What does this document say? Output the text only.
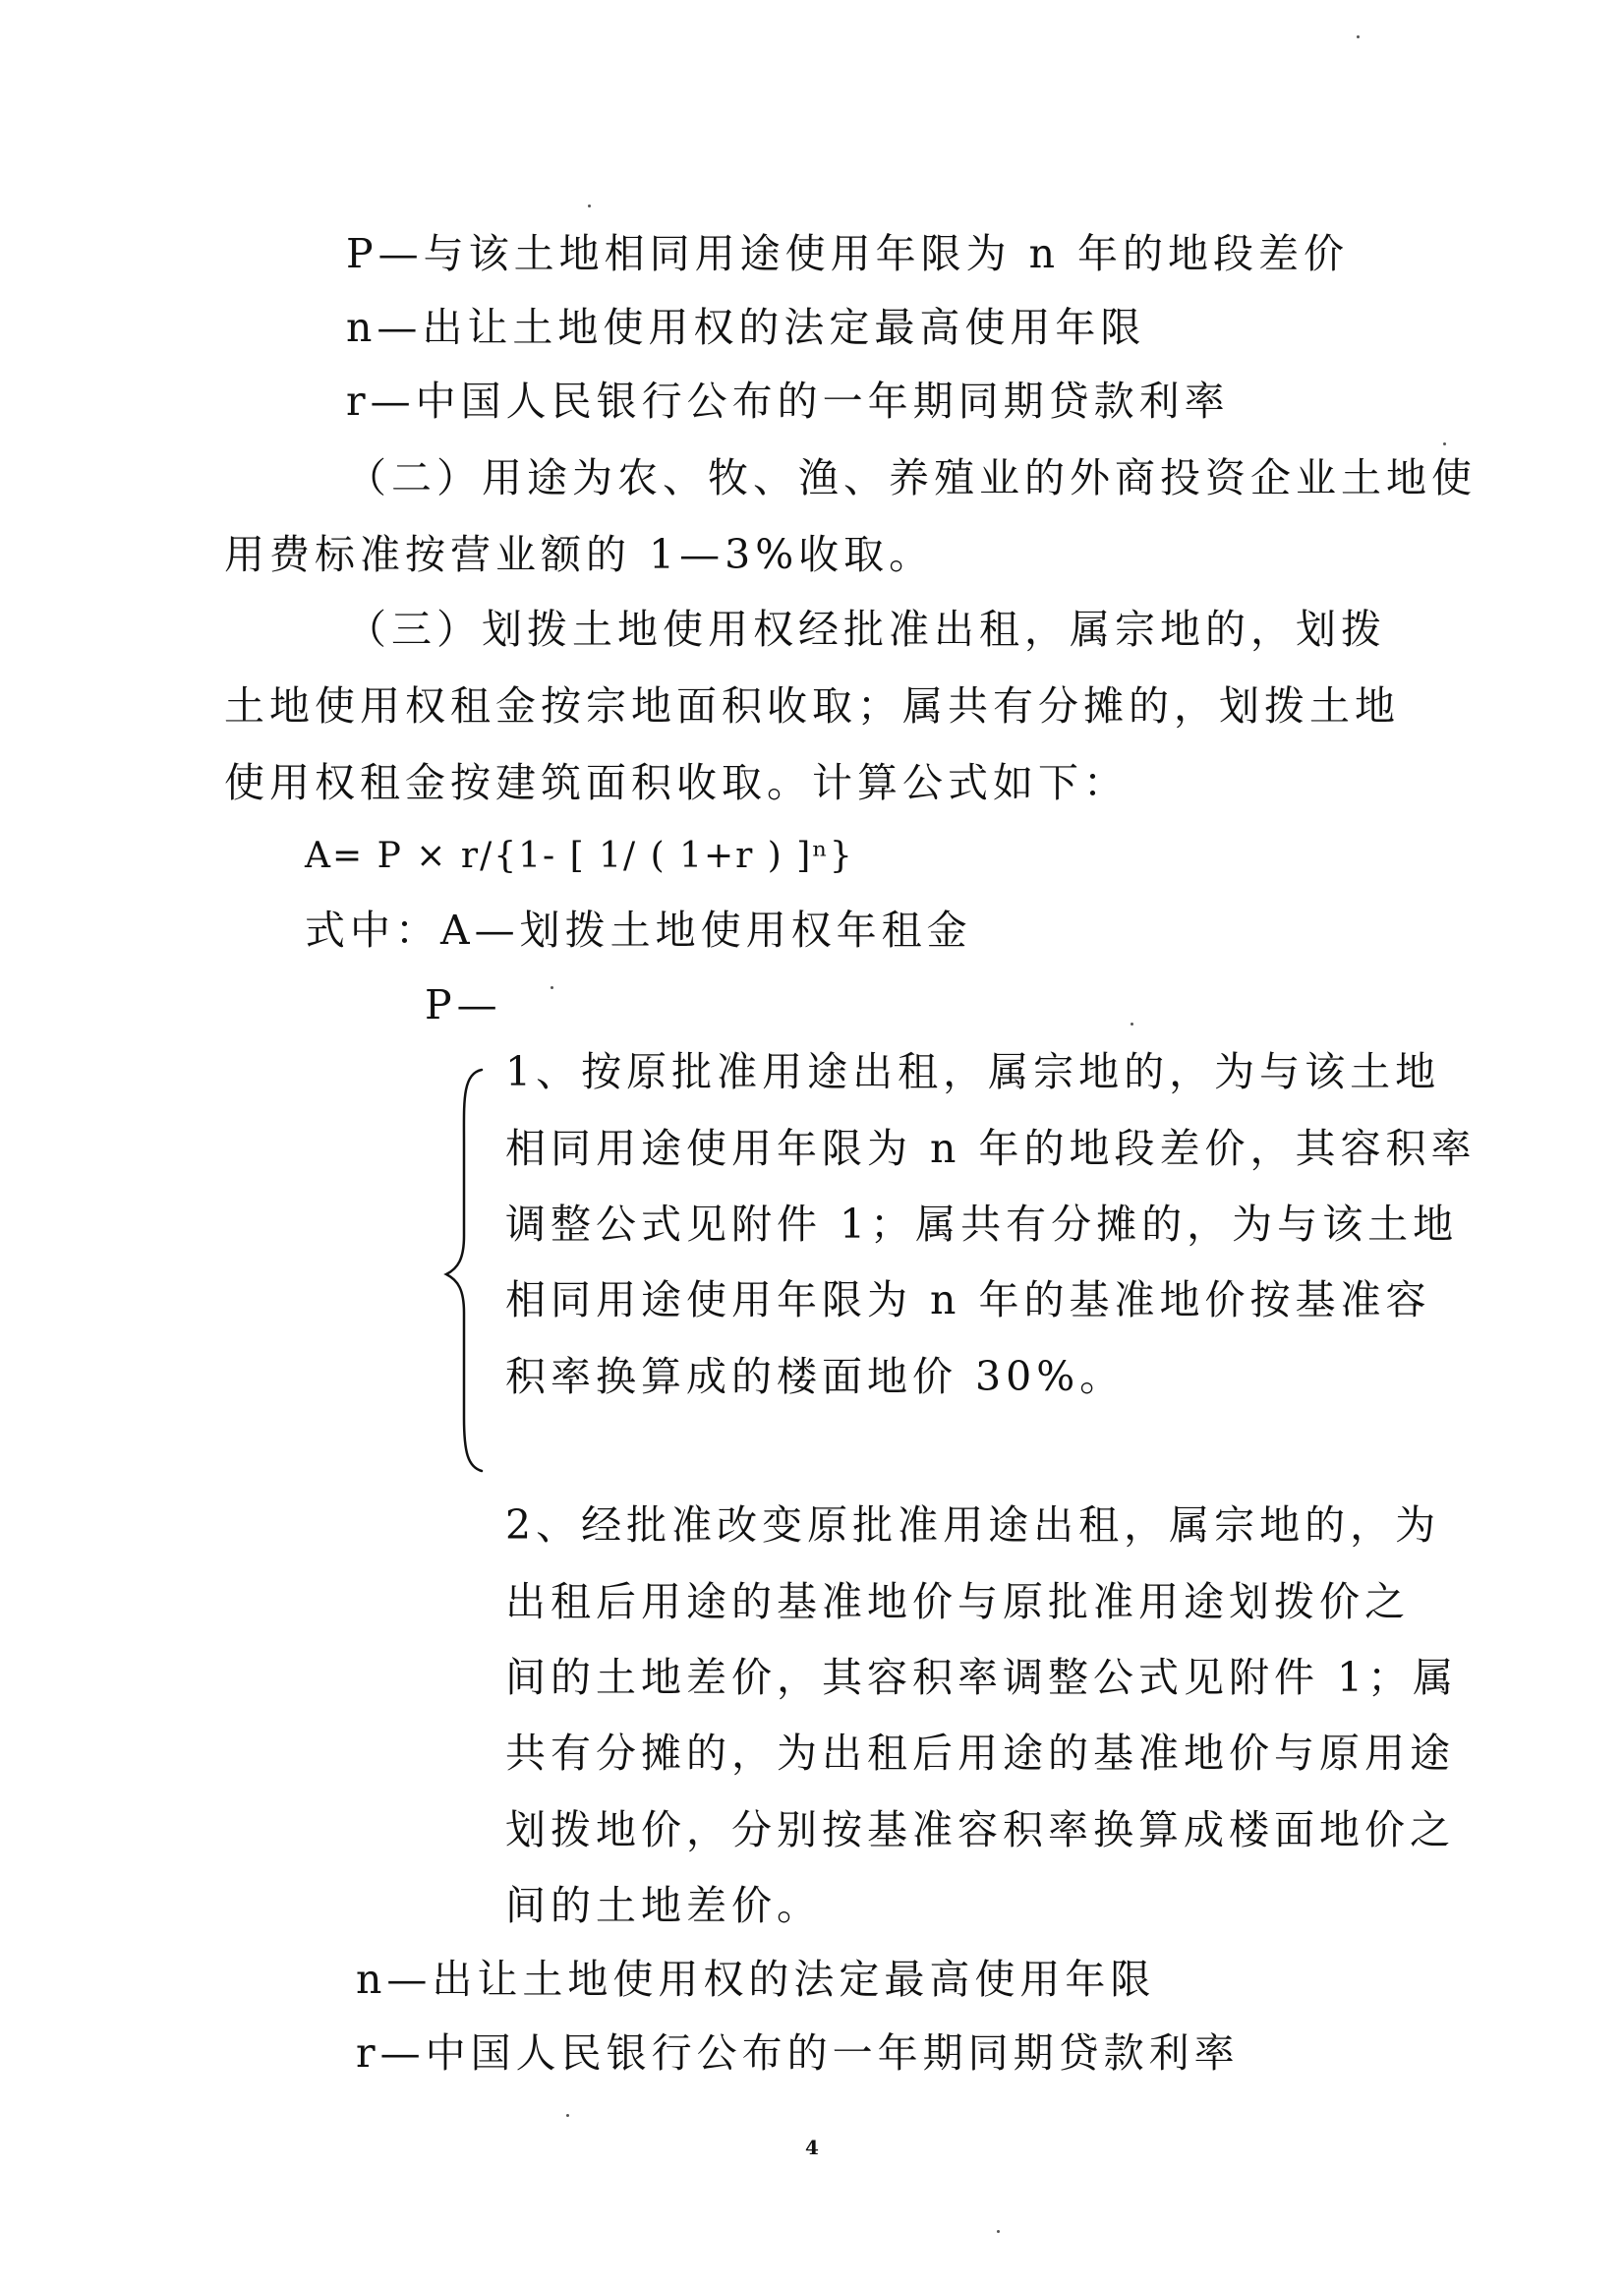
P—与该土地相同用途使用年限为 n 年的地段差价
n—出让土地使用权的法定最高使用年限
r—中国人民银行公布的一年期同期贷款利率
（二）用途为农、牧、渔、养殖业的外商投资企业土地使
用费标准按营业额的 1—3%收取。
（三）划拨土地使用权经批准出租，属宗地的，划拨
土地使用权租金按宗地面积收取；属共有分摊的，划拨土地
使用权租金按建筑面积收取。计算公式如下：
A= P × r/{1- [ 1/ ( 1+r ) ]ⁿ}
式中：A—划拨土地使用权年租金
P—
1、按原批准用途出租，属宗地的，为与该土地
相同用途使用年限为 n 年的地段差价，其容积率
调整公式见附件 1；属共有分摊的，为与该土地
相同用途使用年限为 n 年的基准地价按基准容
积率换算成的楼面地价 30%。
2、经批准改变原批准用途出租，属宗地的，为
出租后用途的基准地价与原批准用途划拨价之
间的土地差价，其容积率调整公式见附件 1；属
共有分摊的，为出租后用途的基准地价与原用途
划拨地价，分别按基准容积率换算成楼面地价之
间的土地差价。
n—出让土地使用权的法定最高使用年限
r—中国人民银行公布的一年期同期贷款利率
4
